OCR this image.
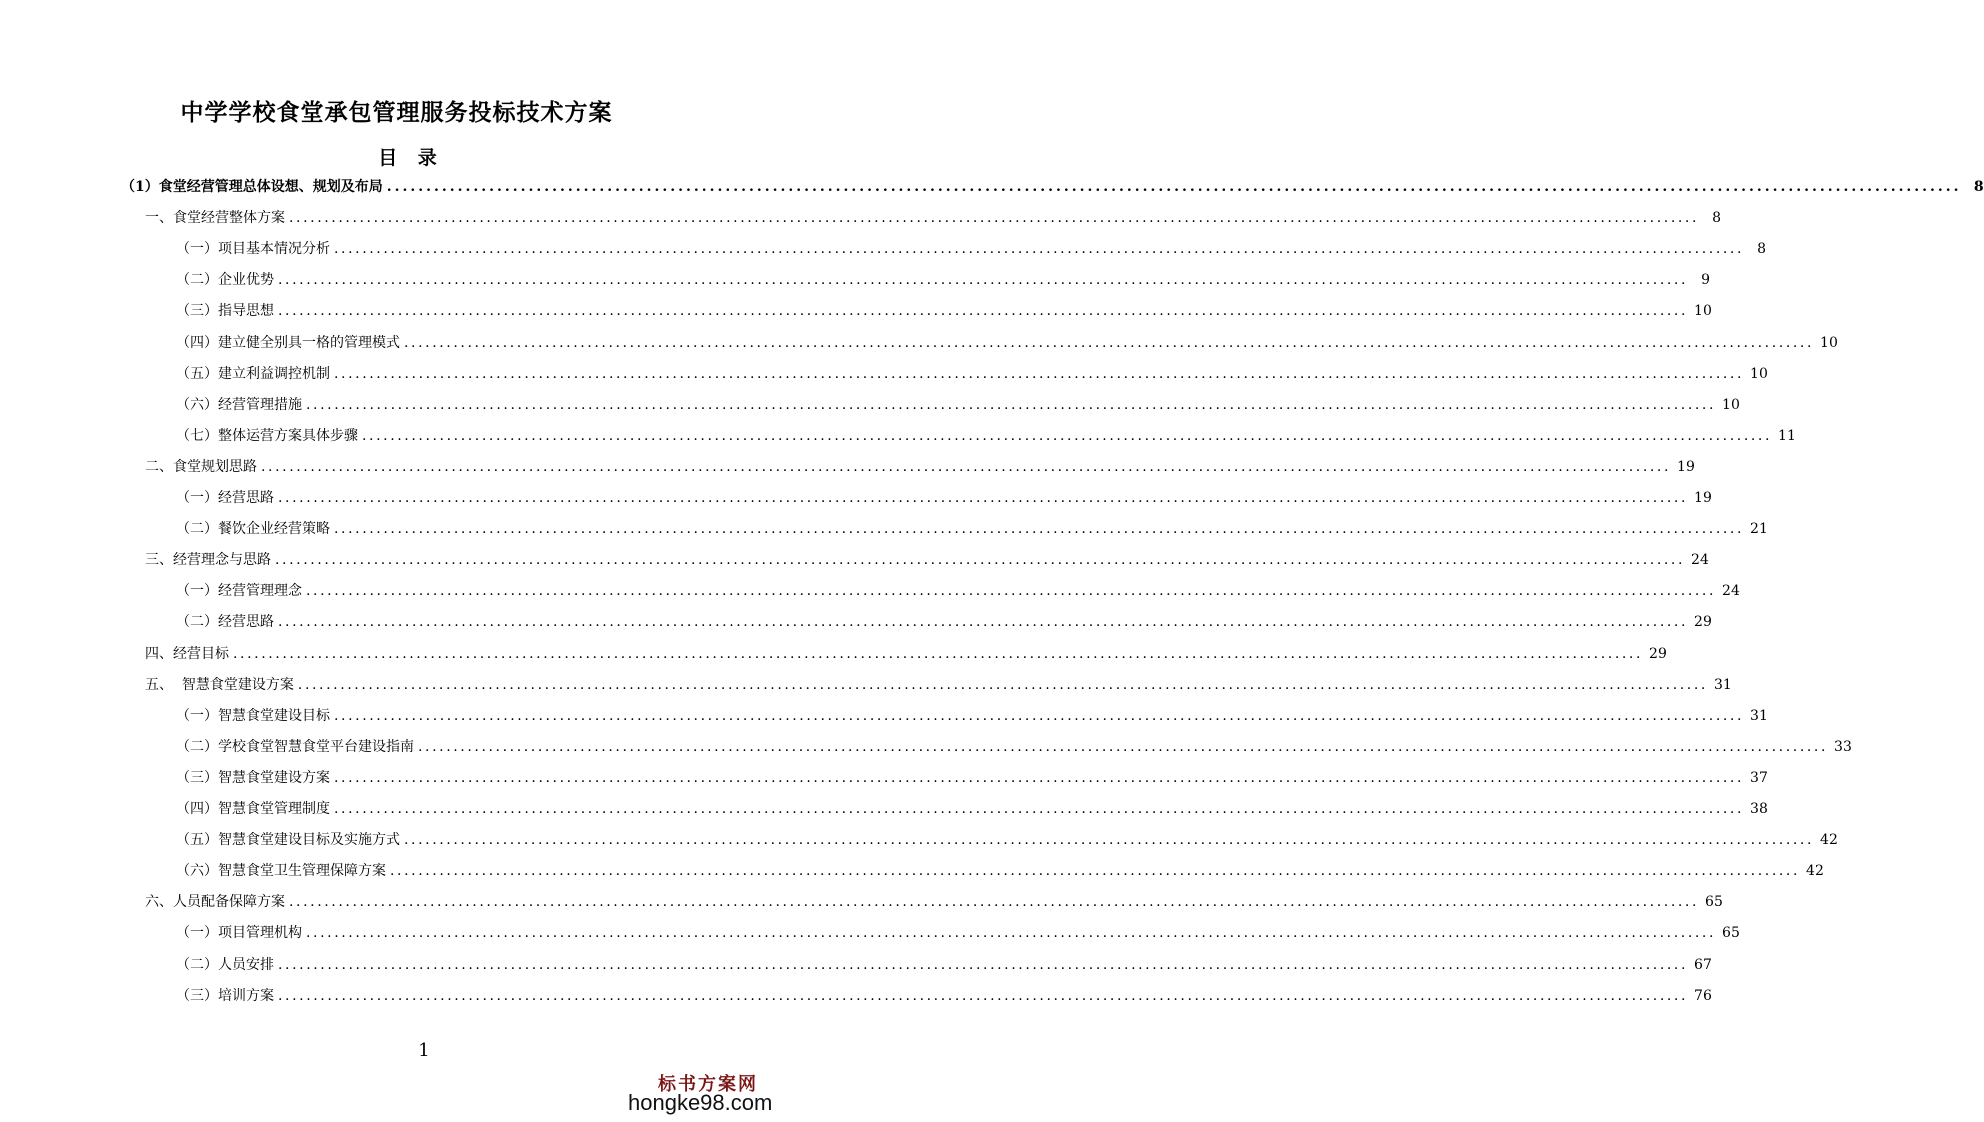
中学学校食堂承包管理服务投标技术方案
目 录
（1）食堂经营管理总体设想、规划及布局 ........................................................................................................................................................................................................ 8
一、食堂经营整体方案 ........................................................................................................................................................................................................ 8
（一）项目基本情况分析 ........................................................................................................................................................................................................ 8
（二）企业优势 ........................................................................................................................................................................................................ 9
（三）指导思想 ........................................................................................................................................................................................................ 10
（四）建立健全别具一格的管理模式 ........................................................................................................................................................................................................ 10
（五）建立利益调控机制 ........................................................................................................................................................................................................ 10
（六）经营管理措施 ........................................................................................................................................................................................................ 10
（七）整体运营方案具体步骤 ........................................................................................................................................................................................................ 11
二、食堂规划思路 ........................................................................................................................................................................................................ 19
（一）经营思路 ........................................................................................................................................................................................................ 19
（二）餐饮企业经营策略 ........................................................................................................................................................................................................ 21
三、经营理念与思路 ........................................................................................................................................................................................................ 24
（一）经营管理理念 ........................................................................................................................................................................................................ 24
（二）经营思路 ........................................................................................................................................................................................................ 29
四、经营目标 ........................................................................................................................................................................................................ 29
五、  智慧食堂建设方案 ........................................................................................................................................................................................................ 31
（一）智慧食堂建设目标 ........................................................................................................................................................................................................ 31
（二）学校食堂智慧食堂平台建设指南 ........................................................................................................................................................................................................ 33
（三）智慧食堂建设方案 ........................................................................................................................................................................................................ 37
（四）智慧食堂管理制度 ........................................................................................................................................................................................................ 38
（五）智慧食堂建设目标及实施方式 ........................................................................................................................................................................................................ 42
（六）智慧食堂卫生管理保障方案 ........................................................................................................................................................................................................ 42
六、人员配备保障方案 ........................................................................................................................................................................................................ 65
（一）项目管理机构 ........................................................................................................................................................................................................ 65
（二）人员安排 ........................................................................................................................................................................................................ 67
（三）培训方案 ........................................................................................................................................................................................................ 76
1
标书方案网
hongke98.com
